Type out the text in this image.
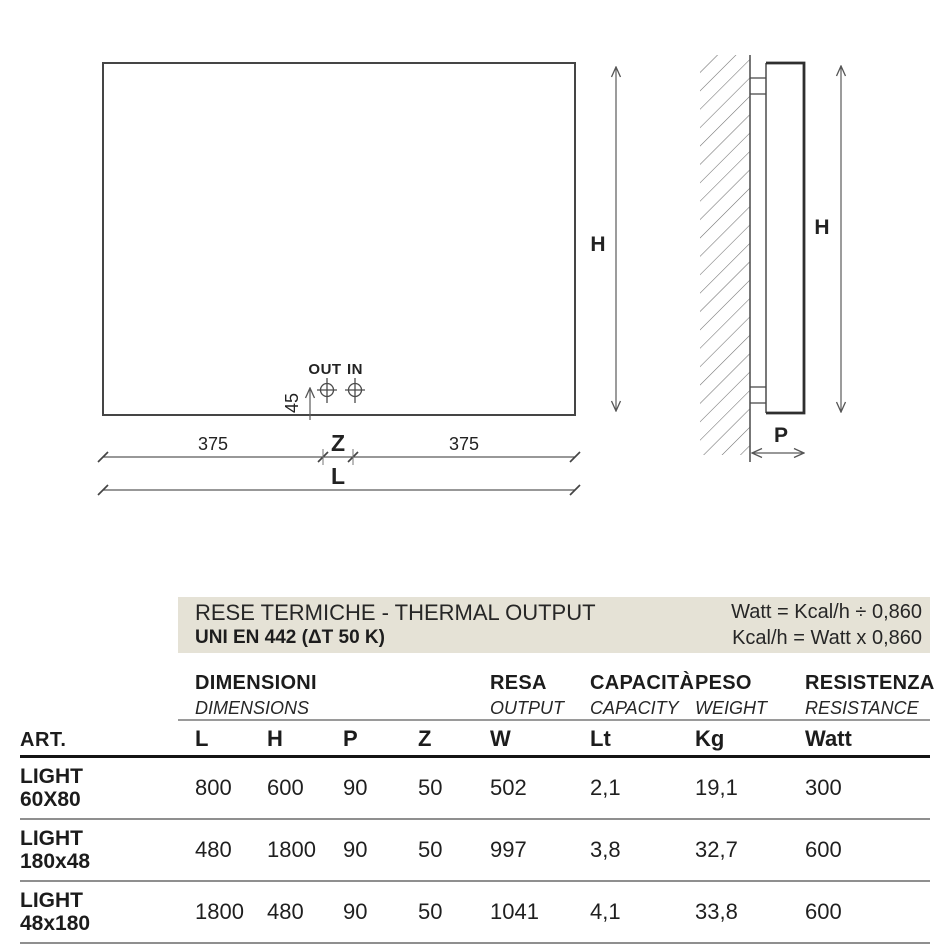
H
OUT IN
45
375	Z	375
L
H
P
RESE TERMICHE - THERMAL OUTPUT
UNI EN 442 (ΔT 50 K)
Watt = Kcal/h ÷ 0,860
Kcal/h = Watt x 0,860
DIMENSIONI
DIMENSIONS
RESA
OUTPUT
CAPACITÀ
CAPACITY
PESO
WEIGHT
RESISTENZA
RESISTANCE
ART.	L	H	P	Z	W	Lt	Kg	Watt
LIGHT
60X80	800	600	90	50	502	2,1	19,1	300
LIGHT
180x48	480	1800	90	50	997	3,8	32,7	600
LIGHT
48x180	1800	480	90	50	1041	4,1	33,8	600
